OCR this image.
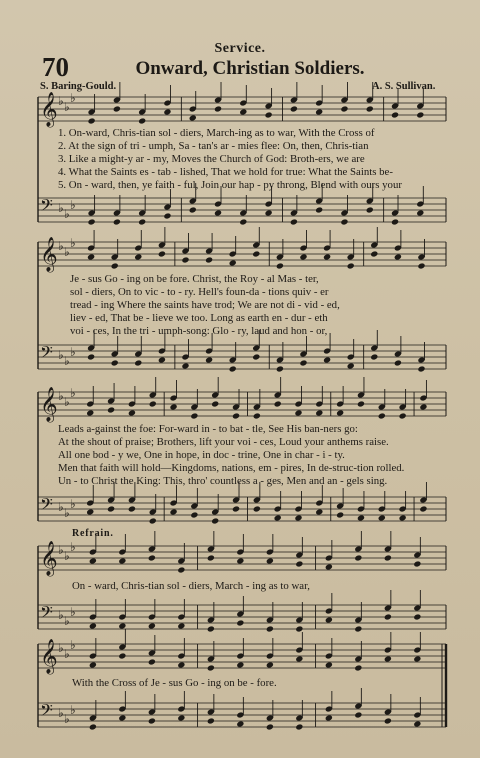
Service.
70	Onward, Christian Soldiers.
S. Baring-Gould.	A. S. Sullivan.
𝄞 ♭ ♭
♭
𝄢 ♭ ♭
♭
𝄞 ♭ ♭
♭
𝄢 ♭ ♭
♭
𝄞 ♭ ♭
♭
𝄢 ♭ ♭
♭
𝄞 ♭ ♭
♭
𝄢 ♭ ♭
♭
𝄞 ♭ ♭
♭
𝄢 ♭ ♭
♭
1. On-ward, Chris-tian sol - diers, March-ing as to war, With the Cross of
2. At the sign of tri - umph, Sa - tan's ar - mies flee: On, then, Chris-tian
3. Like a might-y ar - my, Moves the Church of God: Broth-ers, we are
4. What the Saints es - tab - lished, That we hold for true: What the Saints be-
5. On - ward, then, ye faith - ful, Join our hap - py throng, Blend with ours your
Je - sus Go - ing on be fore. Christ, the Roy - al Mas - ter,
sol - diers, On to vic - to - ry. Hell's foun-da - tions quiv - er
tread - ing Where the saints have trod; We are not di - vid - ed,
liev - ed, That be - lieve we too. Long as earth en - dur - eth
voi - ces, In the tri - umph-song: Glo - ry, laud and hon - or,
Leads a-gainst the foe: For-ward in - to bat - tle, See His ban-ners go:
At the shout of praise; Brothers, lift your voi - ces, Loud your anthems raise.
All one bod - y we, One in hope, in doc - trine, One in char - i - ty.
Men that faith will hold—Kingdoms, nations, em - pires, In de-struc-tion rolled.
Un - to Christ the King: This, thro' countless a - ges, Men and an - gels sing.
Refrain.
On - ward, Chris-tian sol - diers, March - ing as to war,
With the Cross of Je - sus Go - ing on be - fore.
